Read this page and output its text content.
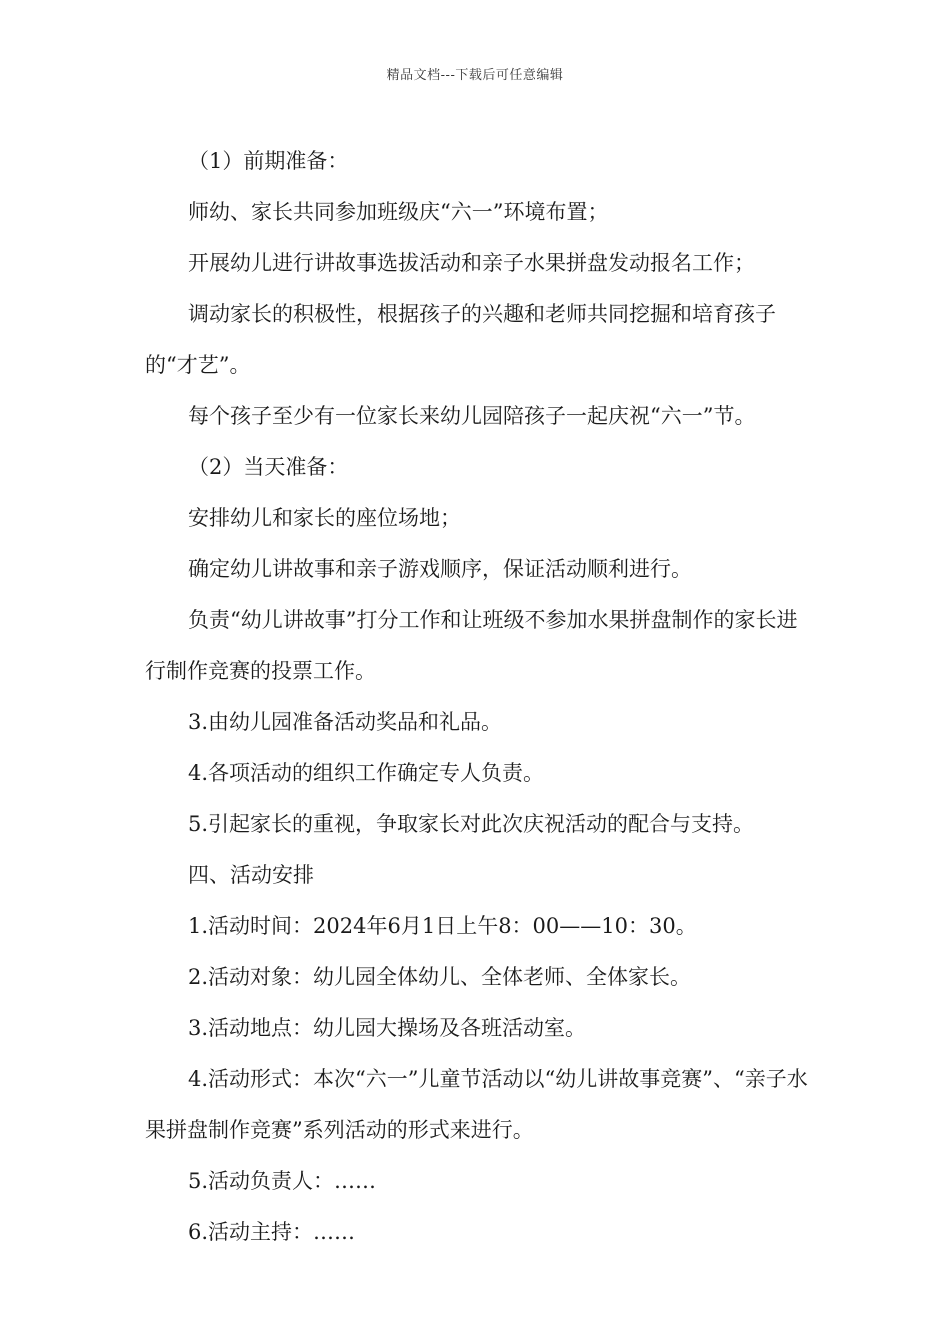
精品文档---下载后可任意编辑

（1）前期准备：

师幼、家长共同参加班级庆“六一”环境布置；

开展幼儿进行讲故事选拔活动和亲子水果拼盘发动报名工作；

调动家长的积极性，根据孩子的兴趣和老师共同挖掘和培育孩子的“才艺”。

每个孩子至少有一位家长来幼儿园陪孩子一起庆祝“六一”节。

（2）当天准备：

安排幼儿和家长的座位场地；

确定幼儿讲故事和亲子游戏顺序，保证活动顺利进行。

负责“幼儿讲故事”打分工作和让班级不参加水果拼盘制作的家长进行制作竞赛的投票工作。

3.由幼儿园准备活动奖品和礼品。

4.各项活动的组织工作确定专人负责。

5.引起家长的重视，争取家长对此次庆祝活动的配合与支持。

四、活动安排

1.活动时间：2024年6月1日上午8：00——10：30。

2.活动对象：幼儿园全体幼儿、全体老师、全体家长。

3.活动地点：幼儿园大操场及各班活动室。

4.活动形式：本次“六一”儿童节活动以“幼儿讲故事竞赛”、“亲子水果拼盘制作竞赛”系列活动的形式来进行。

5.活动负责人：……

6.活动主持：……
